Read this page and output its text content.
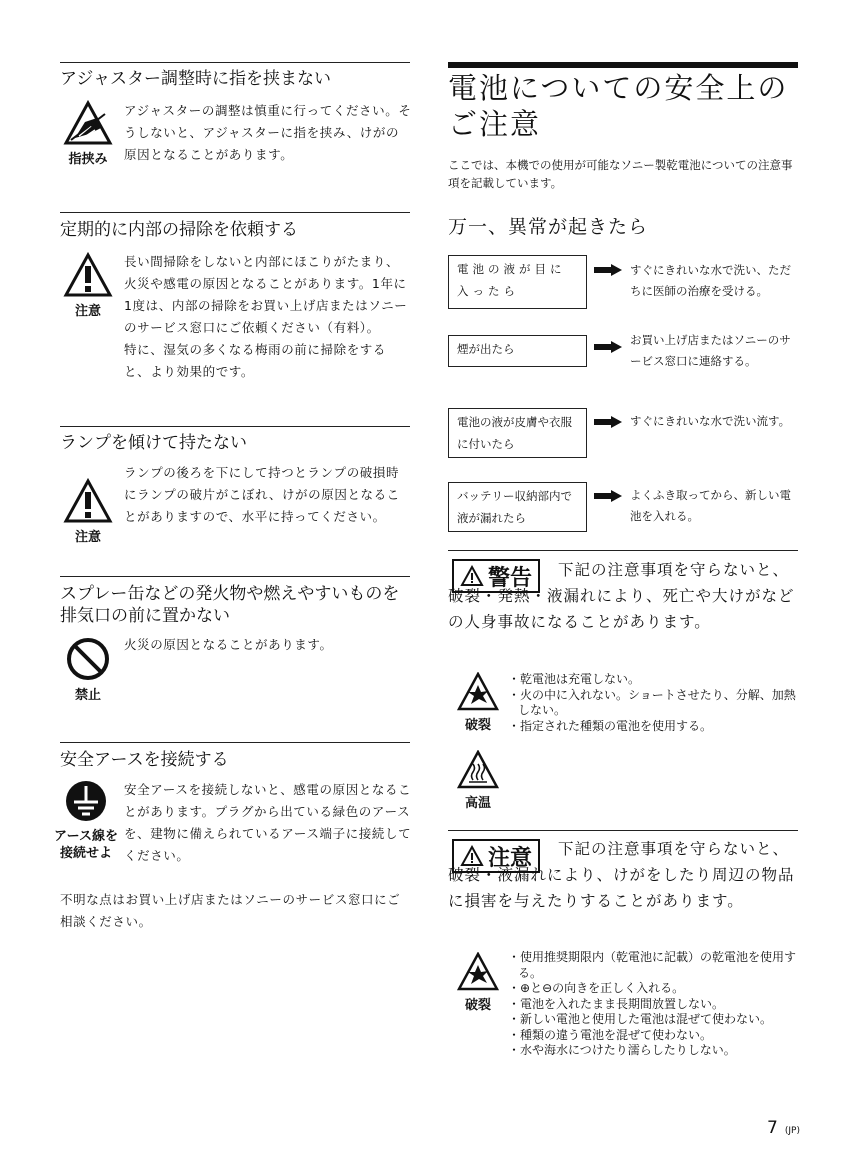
アジャスター調整時に指を挟まない
指挟み
アジャスターの調整は慎重に行ってください。そうしないと、アジャスターに指を挟み、けがの原因となることがあります。
定期的に内部の掃除を依頼する
注意
長い間掃除をしないと内部にほこりがたまり、火災や感電の原因となることがあります。1年に1度は、内部の掃除をお買い上げ店またはソニーのサービス窓口にご依頼ください（有料）。
特に、湿気の多くなる梅雨の前に掃除をすると、より効果的です。
ランプを傾けて持たない
注意
ランプの後ろを下にして持つとランプの破損時にランプの破片がこぼれ、けがの原因となることがありますので、水平に持ってください。
スプレー缶などの発火物や燃えやすいものを排気口の前に置かない
禁止
火災の原因となることがあります。
安全アースを接続する
アース線を
接続せよ
安全アースを接続しないと、感電の原因となることがあります。プラグから出ている緑色のアースを、建物に備えられているアース端子に接続してください。
不明な点はお買い上げ店またはソニーのサービス窓口にご相談ください。
電池についての安全上のご注意
ここでは、本機での使用が可能なソニー製乾電池についての注意事項を記載しています。
万一、異常が起きたら
電池の液が目に入ったら
すぐにきれいな水で洗い、ただちに医師の治療を受ける。
煙が出たら
お買い上げ店またはソニーのサービス窓口に連絡する。
電池の液が皮膚や衣服に付いたら
すぐにきれいな水で洗い流す。
バッテリー収納部内で液が漏れたら
よくふき取ってから、新しい電池を入れる。
警告	下記の注意事項を守らないと、破裂・発熱・液漏れにより、死亡や大けがなどの人身事故になることがあります。
破裂
・ 乾電池は充電しない。
・ 火の中に入れない。ショートさせたり、分解、加熱しない。
・ 指定された種類の電池を使用する。
高温
注意	下記の注意事項を守らないと、破裂・液漏れにより、けがをしたり周辺の物品に損害を与えたりすることがあります。
破裂
・ 使用推奨期限内（乾電池に記載）の乾電池を使用する。
・ ⊕と⊖の向きを正しく入れる。
・ 電池を入れたまま長期間放置しない。
・ 新しい電池と使用した電池は混ぜて使わない。
・ 種類の違う電池を混ぜて使わない。
・ 水や海水につけたり濡らしたりしない。
7 (JP)
